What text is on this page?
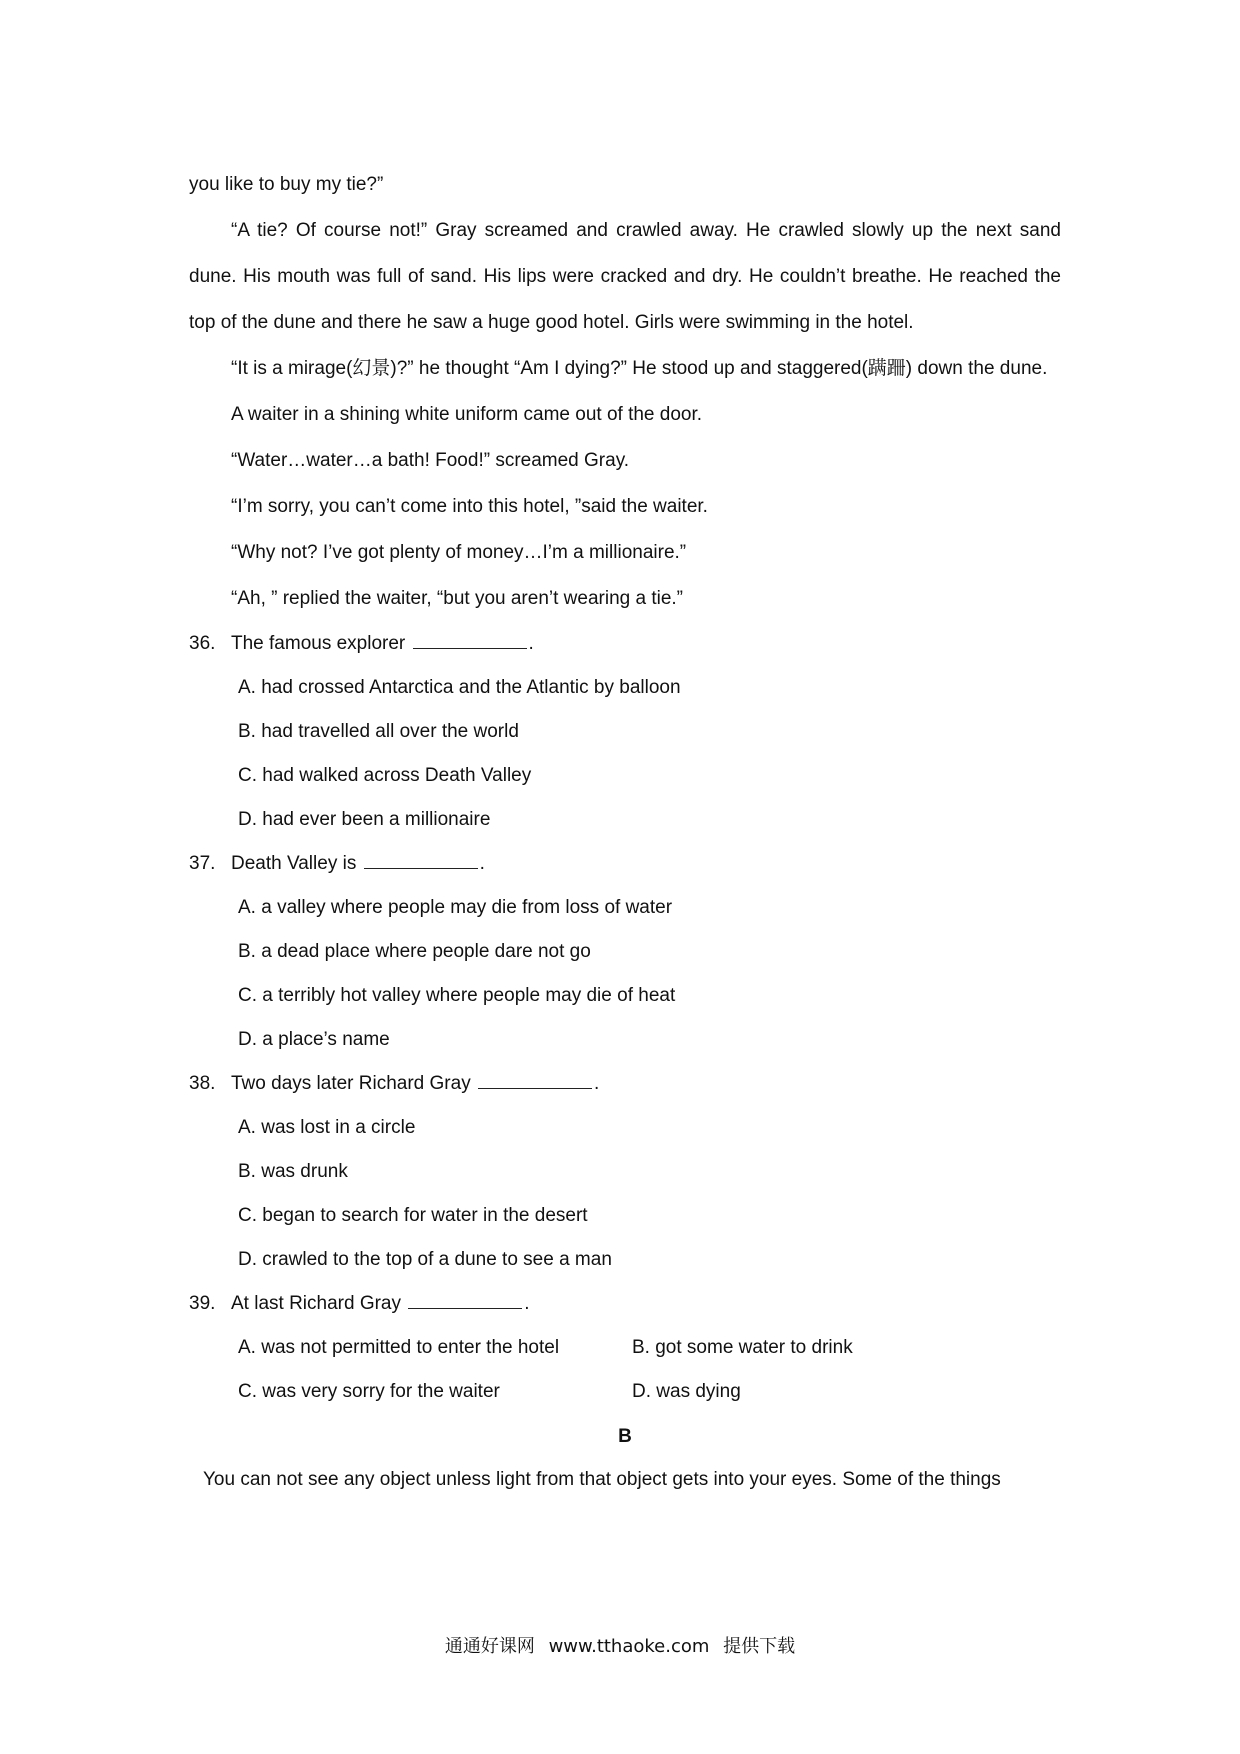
you like to buy my tie?”

“A tie? Of course not!” Gray screamed and crawled away. He crawled slowly up the next sand dune. His mouth was full of sand. His lips were cracked and dry. He couldn’t breathe. He reached the top of the dune and there he saw a huge good hotel. Girls were swimming in the hotel.

“It is a mirage(幻景)?” he thought “Am I dying?” He stood up and staggered(蹒跚) down the dune.

A waiter in a shining white uniform came out of the door.

“Water…water…a bath! Food!” screamed Gray.

“I’m sorry, you can’t come into this hotel, ”said the waiter.

“Why not? I’ve got plenty of money…I’m a millionaire.”

“Ah, ” replied the waiter, “but you aren’t wearing a tie.”

36. The famous explorer	.
A. had crossed Antarctica and the Atlantic by balloon
B. had travelled all over the world
C. had walked across Death Valley
D. had ever been a millionaire
37. Death Valley is	.
A. a valley where people may die from loss of water
B. a dead place where people dare not go
C. a terribly hot valley where people may die of heat
D. a place’s name
38. Two days later Richard Gray	.
A. was lost in a circle
B. was drunk
C. began to search for water in the desert
D. crawled to the top of a dune to see a man
39. At last Richard Gray	.
A. was not permitted to enter the hotel	B. got some water to drink
C. was very sorry for the waiter	D. was dying
B
You can not see any object unless light from that object gets into your eyes. Some of the things
通通好课网 www.tthaoke.com 提供下载
